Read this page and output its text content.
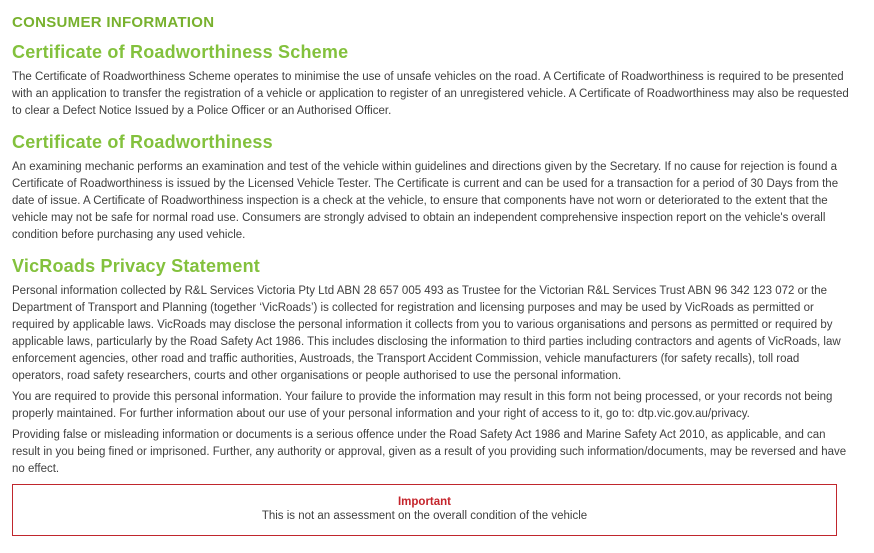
CONSUMER INFORMATION
Certificate of Roadworthiness Scheme

The Certificate of Roadworthiness Scheme operates to minimise the use of unsafe vehicles on the road. A Certificate of Roadworthiness is required to be presented with an application to transfer the registration of a vehicle or application to register of an unregistered vehicle. A Certificate of Roadworthiness may also be requested to clear a Defect Notice Issued by a Police Officer or an Authorised Officer.

Certificate of Roadworthiness

An examining mechanic performs an examination and test of the vehicle within guidelines and directions given by the Secretary. If no cause for rejection is found a Certificate of Roadworthiness is issued by the Licensed Vehicle Tester. The Certificate is current and can be used for a transaction for a period of 30 Days from the date of issue. A Certificate of Roadworthiness inspection is a check at the vehicle, to ensure that components have not worn or deteriorated to the extent that the vehicle may not be safe for normal road use. Consumers are strongly advised to obtain an independent comprehensive inspection report on the vehicle's overall condition before purchasing any used vehicle.

VicRoads Privacy Statement

Personal information collected by R&L Services Victoria Pty Ltd ABN 28 657 005 493 as Trustee for the Victorian R&L Services Trust ABN 96 342 123 072 or the Department of Transport and Planning (together ‘VicRoads’) is collected for registration and licensing purposes and may be used by VicRoads as permitted or required by applicable laws. VicRoads may disclose the personal information it collects from you to various organisations and persons as permitted or required by applicable laws, particularly by the Road Safety Act 1986. This includes disclosing the information to third parties including contractors and agents of VicRoads, law enforcement agencies, other road and traffic authorities, Austroads, the Transport Accident Commission, vehicle manufacturers (for safety recalls), toll road operators, road safety researchers, courts and other organisations or people authorised to use the personal information.

You are required to provide this personal information. Your failure to provide the information may result in this form not being processed, or your records not being properly maintained. For further information about our use of your personal information and your right of access to it, go to: dtp.vic.gov.au/privacy.

Providing false or misleading information or documents is a serious offence under the Road Safety Act 1986 and Marine Safety Act 2010, as applicable, and can result in you being fined or imprisoned. Further, any authority or approval, given as a result of you providing such information/documents, may be reversed and have no effect.

Important
This is not an assessment on the overall condition of the vehicle
